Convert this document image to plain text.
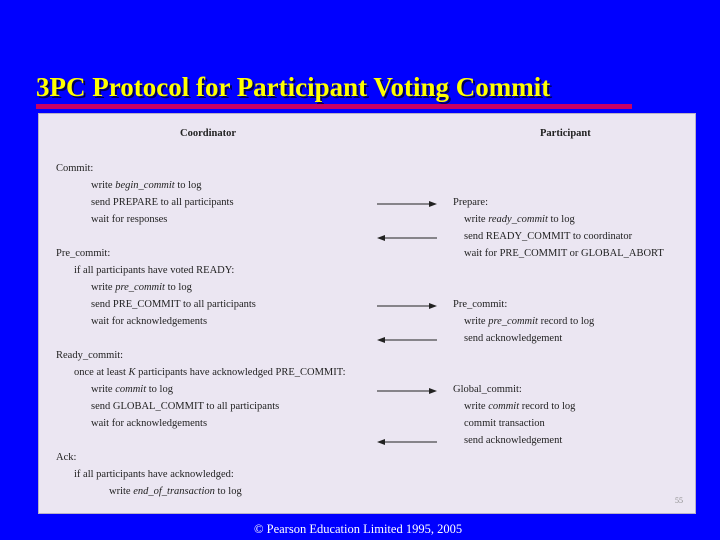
3PC Protocol for Participant Voting Commit
Coordinator	Participant
Commit:
write begin_commit to log
send PREPARE to all participants
wait for responses
Pre_commit:
if all participants have voted READY:
write pre_commit to log
send PRE_COMMIT to all participants
wait for acknowledgements
Ready_commit:
once at least K participants have acknowledged PRE_COMMIT:
write commit to log
send GLOBAL_COMMIT to all participants
wait for acknowledgements
Ack:
if all participants have acknowledged:
write end_of_transaction to log
Prepare:
write ready_commit to log
send READY_COMMIT to coordinator
wait for PRE_COMMIT or GLOBAL_ABORT
Pre_commit:
write pre_commit record to log
send acknowledgement
Global_commit:
write commit record to log
commit transaction
send acknowledgement
55
© Pearson Education Limited 1995, 2005
